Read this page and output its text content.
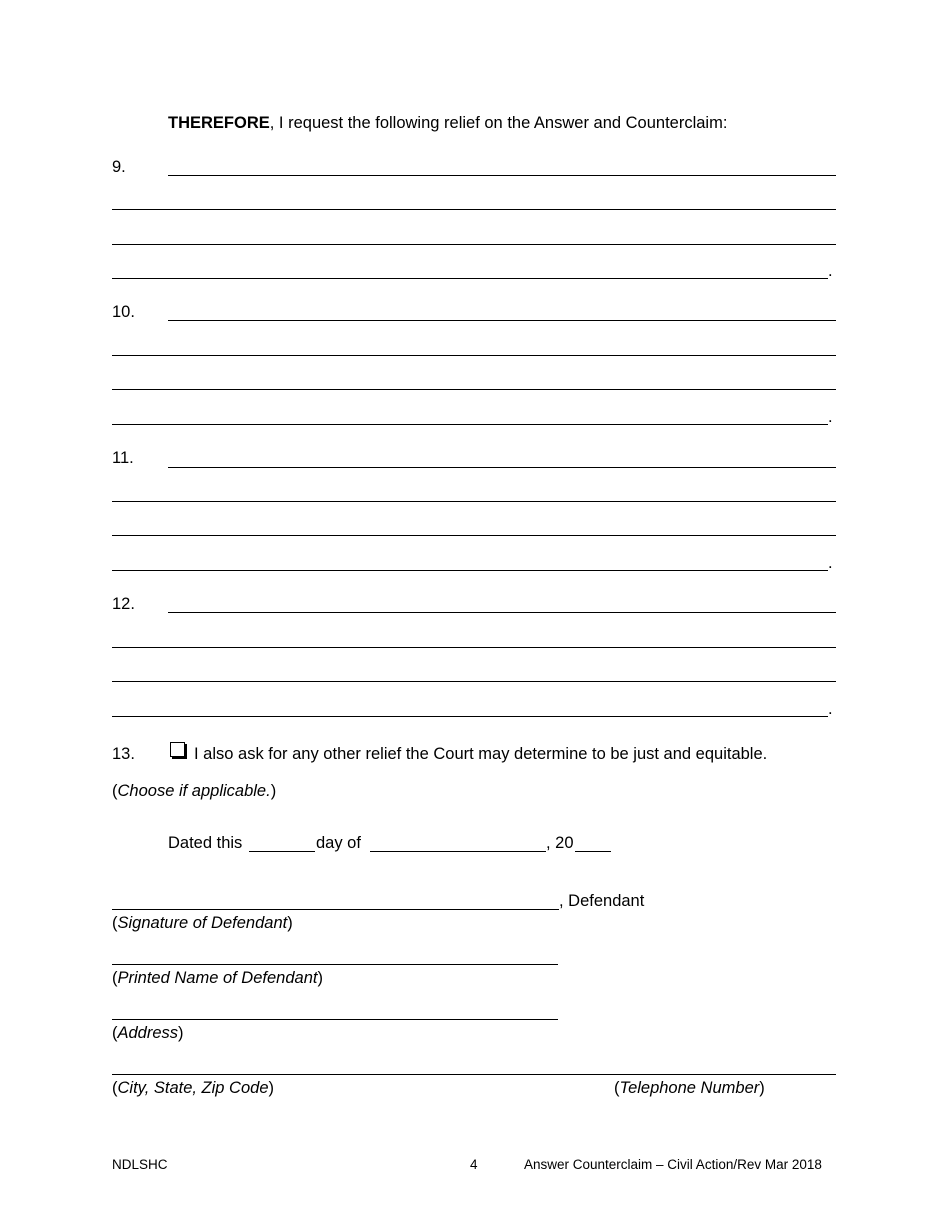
THEREFORE, I request the following relief on the Answer and Counterclaim:
9.
.
10.
.
11.
.
12.
.
13.	I also ask for any other relief the Court may determine to be just and equitable.
(Choose if applicable.)
Dated this	day of	, 20
, Defendant
(Signature of Defendant)
(Printed Name of Defendant)
(Address)
(City, State, Zip Code)	(Telephone Number)
NDLSHC	4	Answer Counterclaim – Civil Action/Rev Mar 2018
